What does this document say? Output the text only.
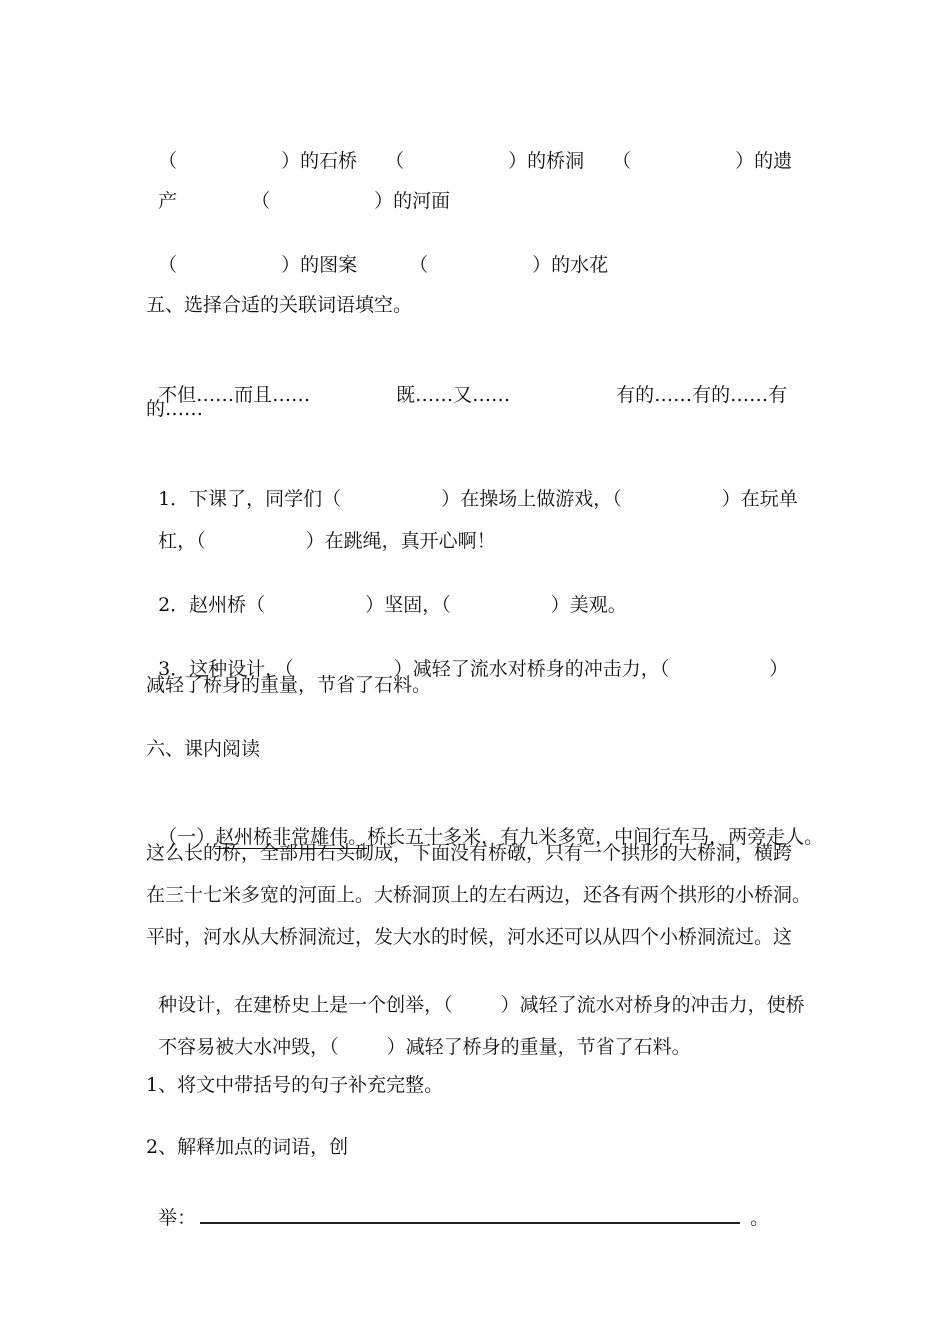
（	）的石桥 （	）的桥洞 （	）的遗

产	（	）的河面

（	）的图案	（	）的水花

五、选择合适的关联词语填空。

不但……而且……	既……又……	有的……有的……有

的……

1．下课了，同学们（	）在操场上做游戏，（	）在玩单

杠，（	）在跳绳，真开心啊！

2．赵州桥（	）坚固，（	）美观。

3．这种设计，（	）减轻了流水对桥身的冲击力，（	）

减轻了桥身的重量，节省了石料。
六、课内阅读

（一）赵州桥非常雄伟。桥长五十多米，有九米多宽，中间行车马，两旁走人。

这么长的桥，全部用石头砌成，下面没有桥礅，只有一个拱形的大桥洞，横跨
在三十七米多宽的河面上。大桥洞顶上的左右两边，还各有两个拱形的小桥洞。
平时，河水从大桥洞流过，发大水的时候，河水还可以从四个小桥洞流过。这

种设计，在建桥史上是一个创举，（	）减轻了流水对桥身的冲击力，使桥

不容易被大水冲毁，（	）减轻了桥身的重量，节省了石料。

1、将文中带括号的句子补充完整。
2、解释加点的词语，创

举：	。
